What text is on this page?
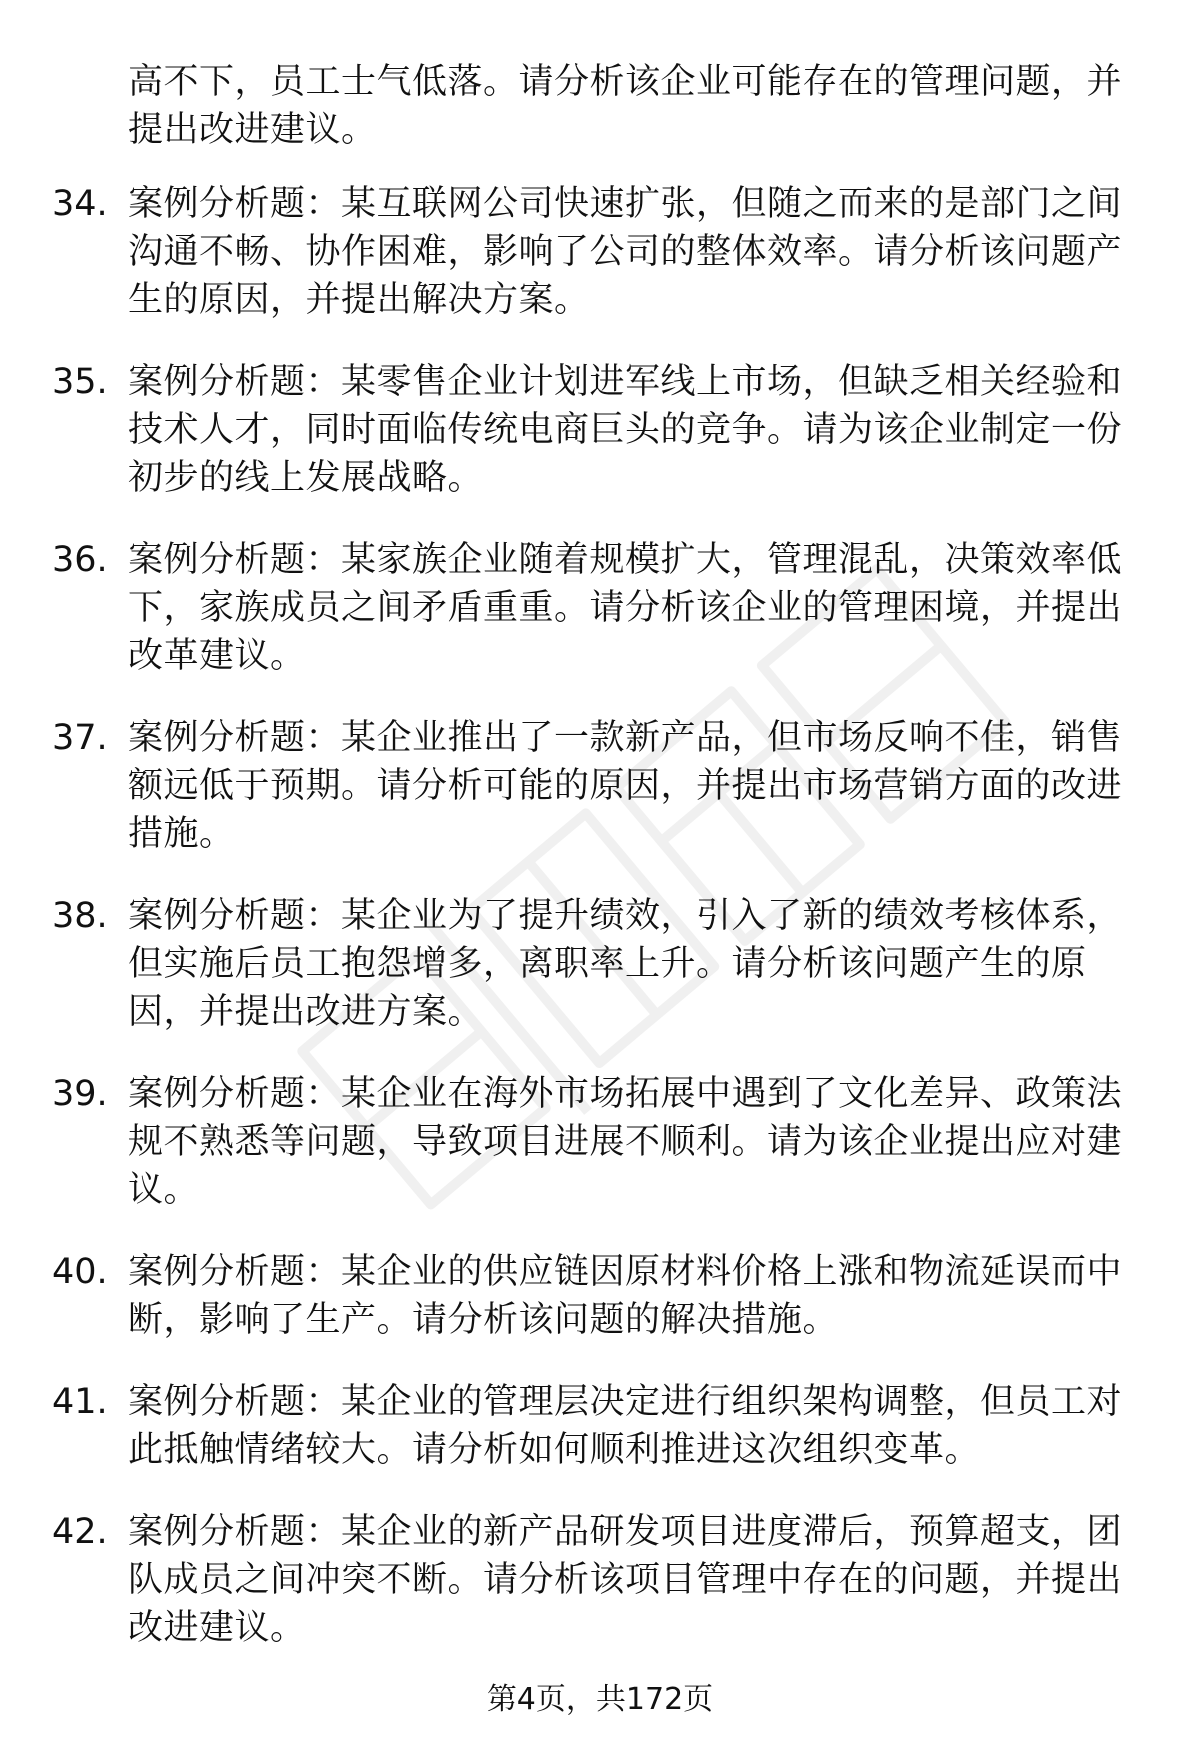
高不下，员工士气低落。请分析该企业可能存在的管理问题，并提出改进建议。
34. 案例分析题：某互联网公司快速扩张，但随之而来的是部门之间沟通不畅、协作困难，影响了公司的整体效率。请分析该问题产生的原因，并提出解决方案。
35. 案例分析题：某零售企业计划进军线上市场，但缺乏相关经验和技术人才，同时面临传统电商巨头的竞争。请为该企业制定一份初步的线上发展战略。
36. 案例分析题：某家族企业随着规模扩大，管理混乱，决策效率低下，家族成员之间矛盾重重。请分析该企业的管理困境，并提出改革建议。
37. 案例分析题：某企业推出了一款新产品，但市场反响不佳，销售额远低于预期。请分析可能的原因，并提出市场营销方面的改进措施。
38. 案例分析题：某企业为了提升绩效，引入了新的绩效考核体系，但实施后员工抱怨增多，离职率上升。请分析该问题产生的原因，并提出改进方案。
39. 案例分析题：某企业在海外市场拓展中遇到了文化差异、政策法规不熟悉等问题，导致项目进展不顺利。请为该企业提出应对建议。
40. 案例分析题：某企业的供应链因原材料价格上涨和物流延误而中断，影响了生产。请分析该问题的解决措施。
41. 案例分析题：某企业的管理层决定进行组织架构调整，但员工对此抵触情绪较大。请分析如何顺利推进这次组织变革。
42. 案例分析题：某企业的新产品研发项目进度滞后，预算超支，团队成员之间冲突不断。请分析该项目管理中存在的问题，并提出改进建议。
第4页，共172页
